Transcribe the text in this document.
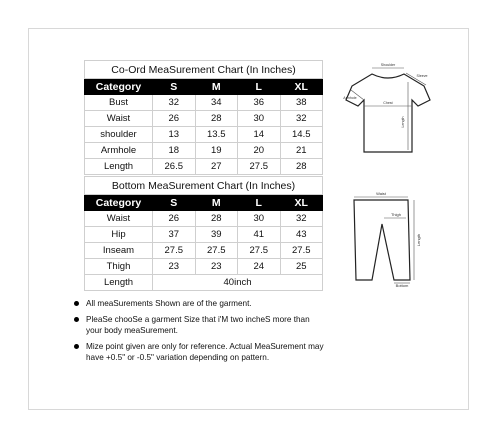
Co-Ord MeaSurement Chart (In Inches)				
Category	S	M	L	XL
Bust	32	34	36	38
Waist	26	28	30	32
shoulder	13	13.5	14	14.5
Armhole	18	19	20	21
Length	26.5	27	27.5	28
Bottom MeaSurement Chart (In Inches)				
Category	S	M	L	XL
Waist	26	28	30	32
Hip	37	39	41	43
Inseam	27.5	27.5	27.5	27.5
Thigh	23	23	24	25
Length	40inch			
Shoulder
Sleeve
Armhole
Chest
Length
Waist
Thigh
Length
Bottom
All meaSurements Shown are of the garment.
PleaSe chooSe a garment Size that i'M two incheS more than your body meaSurement.
Mize point given are only for reference. Actual MeaSurement may have +0.5" or -0.5" variation depending on pattern.
